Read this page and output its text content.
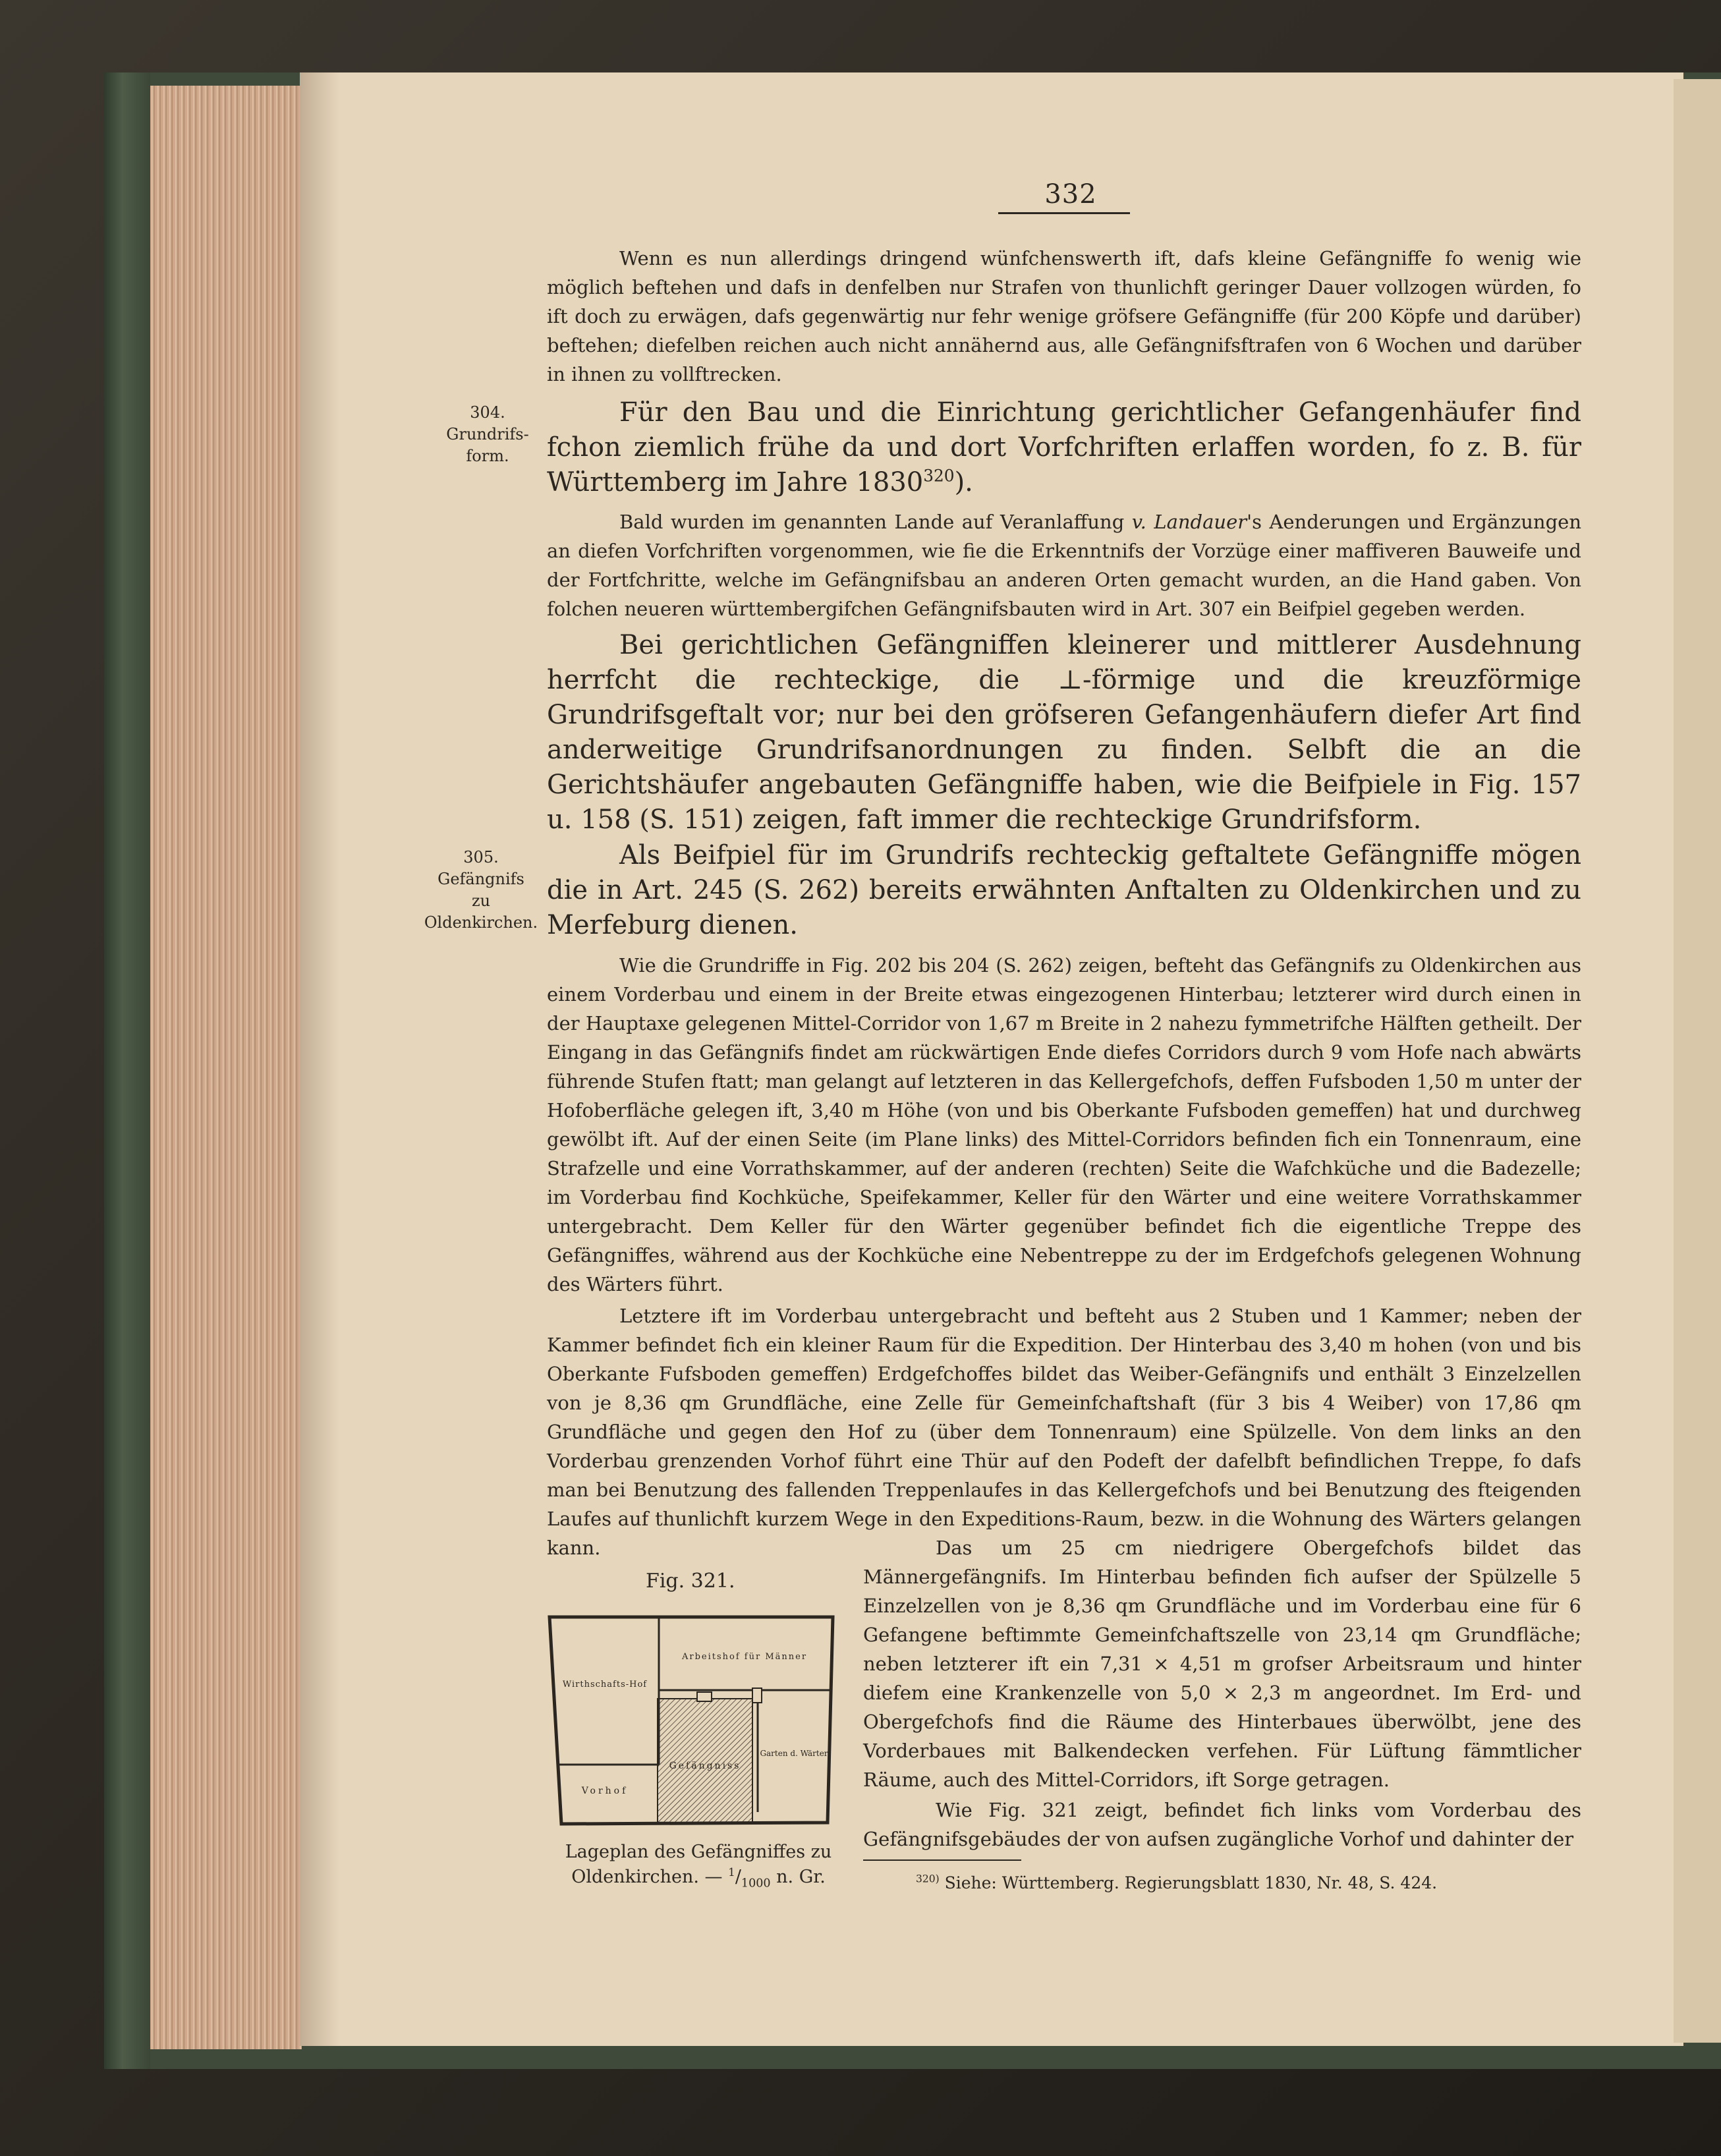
332
Wenn es nun allerdings dringend wünfchenswerth ift, dafs kleine Gefängniffe fo wenig wie möglich beftehen und dafs in denfelben nur Strafen von thunlichft geringer Dauer vollzogen würden, fo ift doch zu erwägen, dafs gegenwärtig nur fehr wenige gröfsere Gefängniffe (für 200 Köpfe und darüber) beftehen; diefelben reichen auch nicht annähernd aus, alle Gefängnifsftrafen von 6 Wochen und darüber in ihnen zu vollftrecken.
304.
Grundrifs-
form.
Für den Bau und die Einrichtung gerichtlicher Gefangenhäufer find fchon ziemlich frühe da und dort Vorfchriften erlaffen worden, fo z. B. für Württemberg im Jahre 1830$^{320}$).
Bald wurden im genannten Lande auf Veranlaffung v. Landauer's Aenderungen und Ergänzungen an diefen Vorfchriften vorgenommen, wie fie die Erkenntnifs der Vorzüge einer maffiveren Bauweife und der Fortfchritte, welche im Gefängnifsbau an anderen Orten gemacht wurden, an die Hand gaben. Von folchen neueren württembergifchen Gefängnifsbauten wird in Art. 307 ein Beifpiel gegeben werden.
Bei gerichtlichen Gefängniffen kleinerer und mittlerer Ausdehnung herrfcht die rechteckige, die ⊥-förmige und die kreuzförmige Grundrifsgeftalt vor; nur bei den gröfseren Gefangenhäufern diefer Art find anderweitige Grundrifsanordnungen zu finden. Selbft die an die Gerichtshäufer angebauten Gefängniffe haben, wie die Beifpiele in Fig. 157 u. 158 (S. 151) zeigen, faft immer die rechteckige Grundrifsform.
305.
Gefängnifs
zu
Oldenkirchen.
Als Beifpiel für im Grundrifs rechteckig geftaltete Gefängniffe mögen die in Art. 245 (S. 262) bereits erwähnten Anftalten zu Oldenkirchen und zu Merfeburg dienen.
Wie die Grundriffe in Fig. 202 bis 204 (S. 262) zeigen, befteht das Gefängnifs zu Oldenkirchen aus einem Vorderbau und einem in der Breite etwas eingezogenen Hinterbau; letzterer wird durch einen in der Hauptaxe gelegenen Mittel-Corridor von 1,67 m Breite in 2 nahezu fymmetrifche Hälften getheilt. Der Eingang in das Gefängnifs findet am rückwärtigen Ende diefes Corridors durch 9 vom Hofe nach abwärts führende Stufen ftatt; man gelangt auf letzteren in das Kellergefchofs, deffen Fufsboden 1,50 m unter der Hofoberfläche gelegen ift, 3,40 m Höhe (von und bis Oberkante Fufsboden gemeffen) hat und durchweg gewölbt ift. Auf der einen Seite (im Plane links) des Mittel-Corridors befinden fich ein Tonnenraum, eine Strafzelle und eine Vorrathskammer, auf der anderen (rechten) Seite die Wafchküche und die Badezelle; im Vorderbau find Kochküche, Speifekammer, Keller für den Wärter und eine weitere Vorrathskammer untergebracht. Dem Keller für den Wärter gegenüber befindet fich die eigentliche Treppe des Gefängniffes, während aus der Kochküche eine Nebentreppe zu der im Erdgefchofs gelegenen Wohnung des Wärters führt.
Letztere ift im Vorderbau untergebracht und befteht aus 2 Stuben und 1 Kammer; neben der Kammer befindet fich ein kleiner Raum für die Expedition. Der Hinterbau des 3,40 m hohen (von und bis Oberkante Fufsboden gemeffen) Erdgefchoffes bildet das Weiber-Gefängnifs und enthält 3 Einzelzellen von je 8,36 qm Grundfläche, eine Zelle für Gemeinfchaftshaft (für 3 bis 4 Weiber) von 17,86 qm Grundfläche und gegen den Hof zu (über dem Tonnenraum) eine Spülzelle. Von dem links an den Vorderbau grenzenden Vorhof führt eine Thür auf den Podeft der dafelbft befindlichen Treppe, fo dafs man bei Benutzung des fallenden Treppenlaufes in das Kellergefchofs und bei Benutzung des fteigenden Laufes auf thunlichft kurzem Wege in den Expeditions-Raum, bezw. in die Wohnung des Wärters gelangen kann.	Das um 25 cm niedrigere Obergefchofs bildet das Männergefängnifs. Im Hinterbau befinden fich aufser der Spülzelle 5 Einzelzellen von je 8,36 qm Grundfläche und im Vorderbau eine für 6 Gefangene beftimmte Gemeinfchaftszelle von 23,14 qm Grundfläche; neben letzterer ift ein 7,31 × 4,51 m grofser Arbeitsraum und hinter diefem eine Krankenzelle von 5,0 × 2,3 m angeordnet. Im Erd- und Obergefchofs find die Räume des Hinterbaues überwölbt, jene des Vorderbaues mit Balkendecken verfehen. Für Lüftung fämmtlicher Räume, auch des Mittel-Corridors, ift Sorge getragen.
Wie Fig. 321 zeigt, befindet fich links vom Vorderbau des Gefängnifsgebäudes der von aufsen zugängliche Vorhof und dahinter der
Fig. 321.
Arbeitshof für Männer
Wirthschafts-Hof
Gefängniss
Garten d. Wärter
Vorhof
Lageplan des Gefängniffes zu
Oldenkirchen. — $^1/_{1000}$ n. Gr.	$^{320)}$ Siehe: Württemberg. Regierungsblatt 1830, Nr. 48, S. 424.
